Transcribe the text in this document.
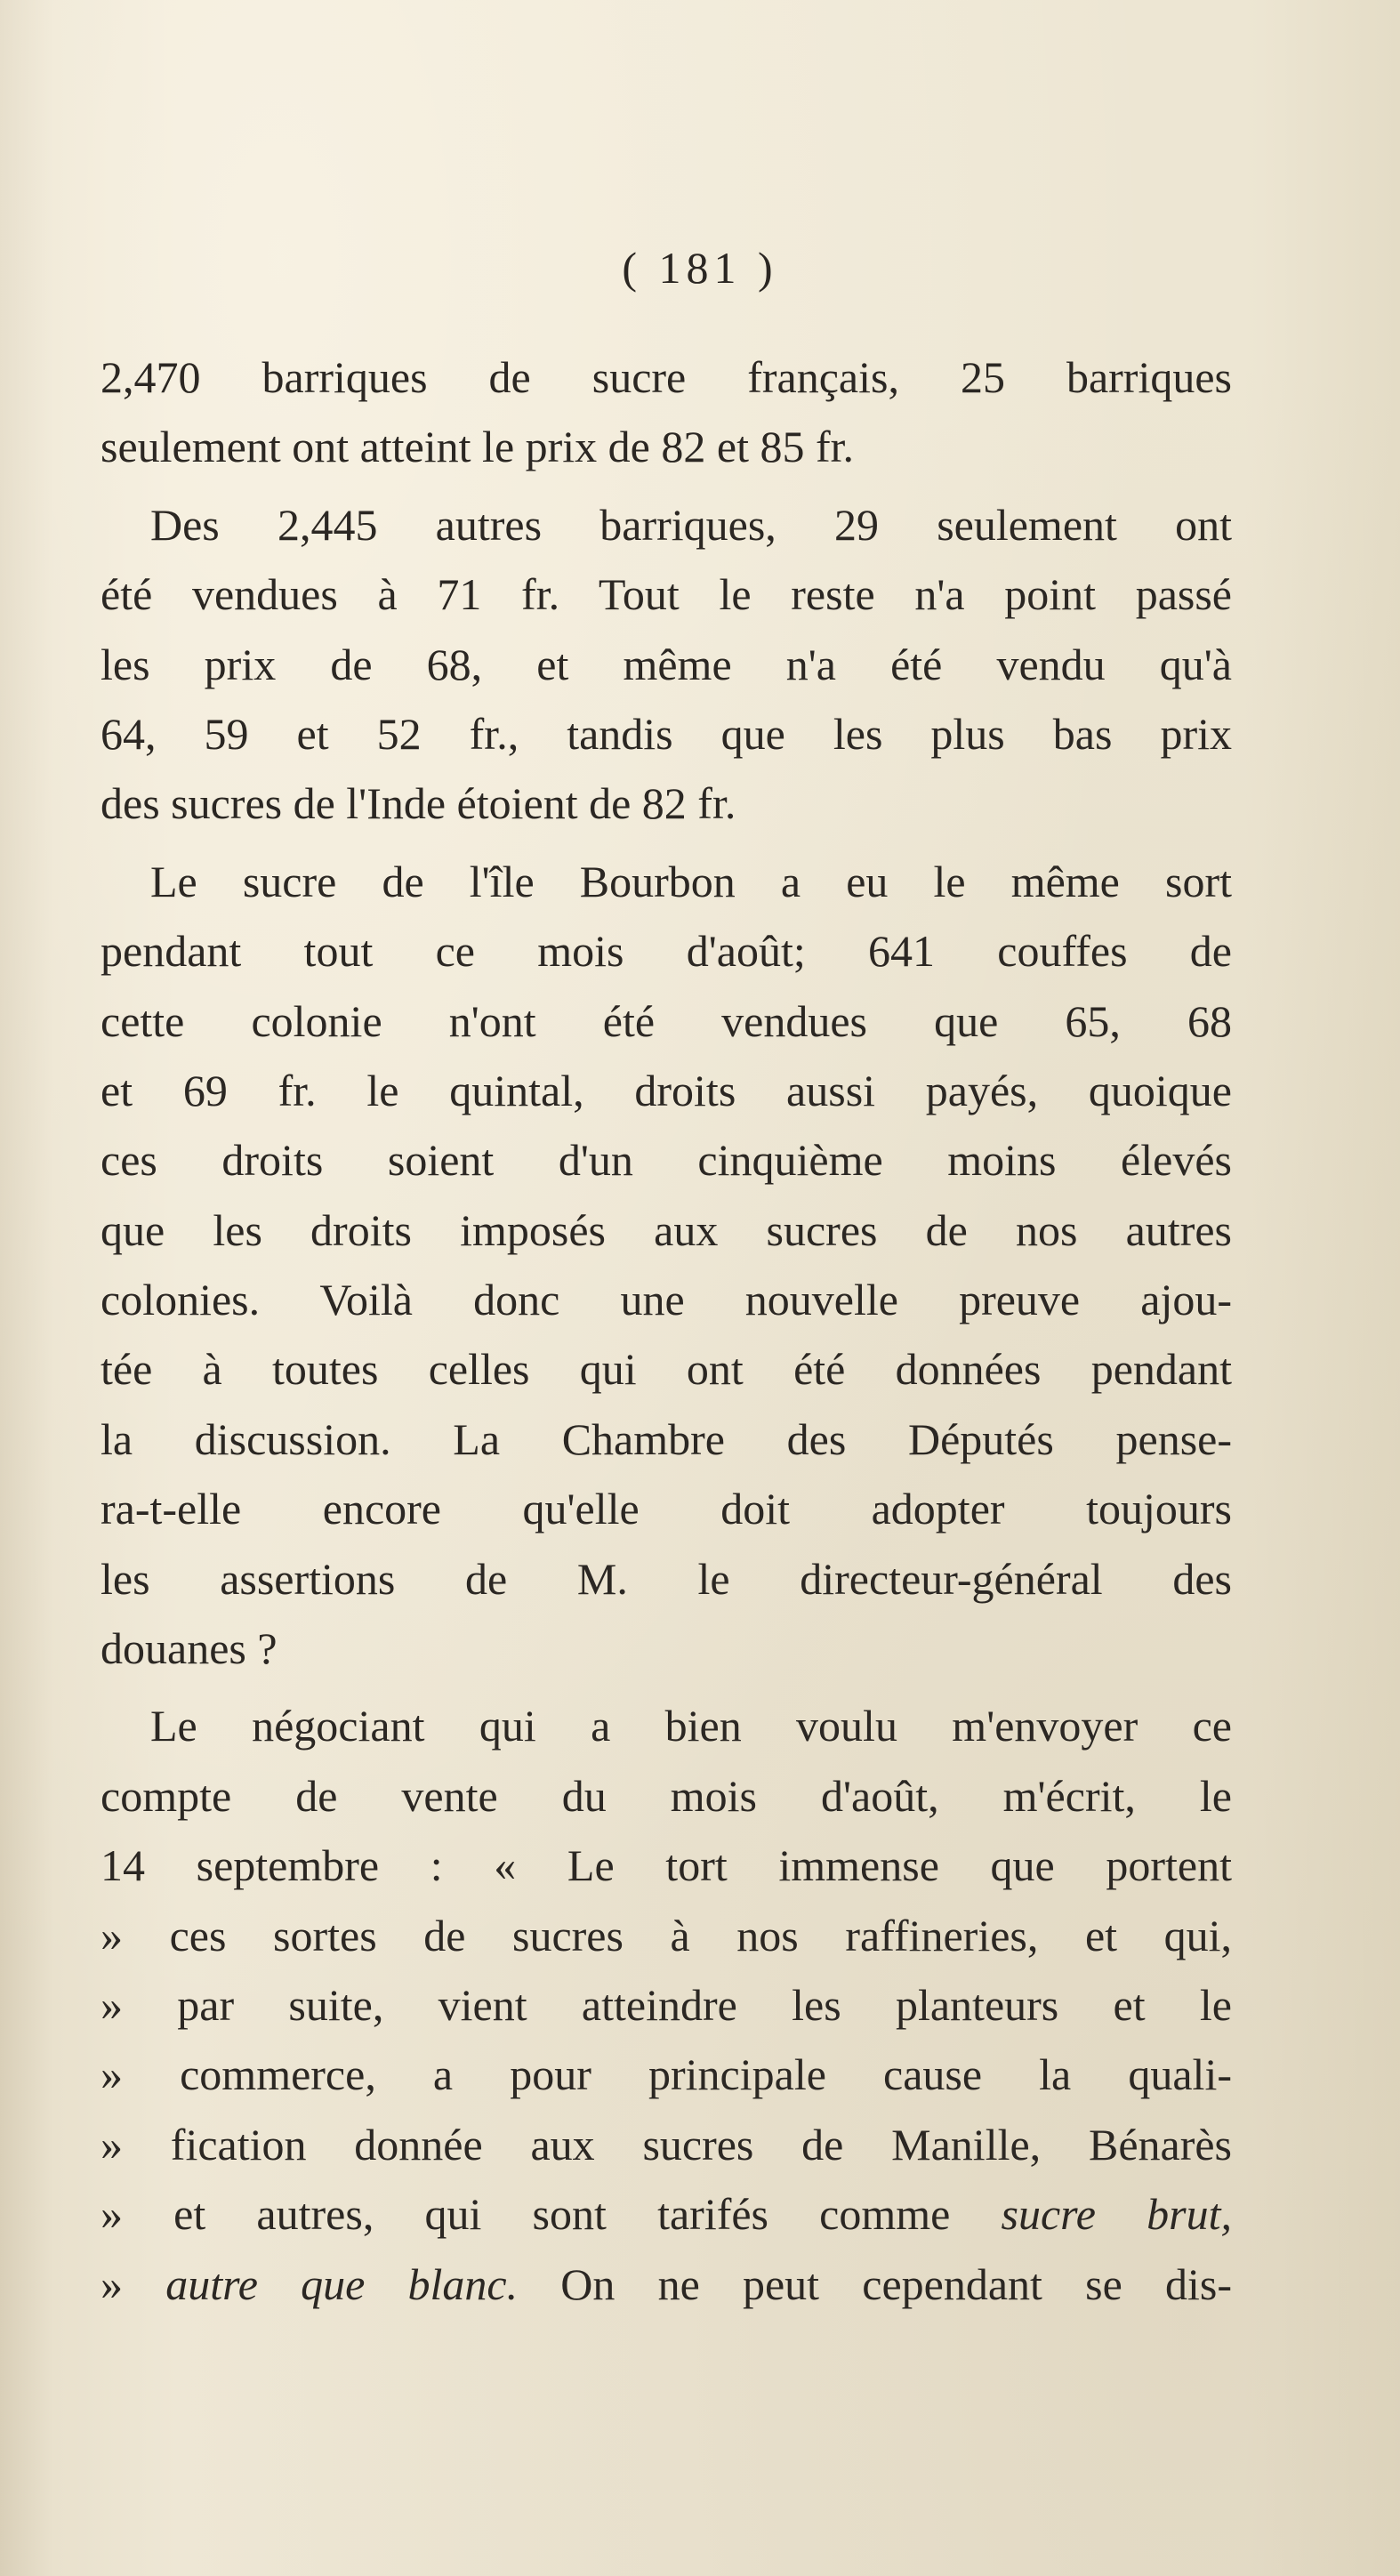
( 181 )
2,470 barriques de sucre français, 25 barriques
seulement ont atteint le prix de 82 et 85 fr.
Des 2,445 autres barriques, 29 seulement ont
été vendues à 71 fr. Tout le reste n'a point passé
les prix de 68, et même n'a été vendu qu'à
64, 59 et 52 fr., tandis que les plus bas prix
des sucres de l'Inde étoient de 82 fr.
Le sucre de l'île Bourbon a eu le même sort
pendant tout ce mois d'août; 641 couffes de
cette colonie n'ont été vendues que 65, 68
et 69 fr. le quintal, droits aussi payés, quoique
ces droits soient d'un cinquième moins élevés
que les droits imposés aux sucres de nos autres
colonies. Voilà donc une nouvelle preuve ajou-
tée à toutes celles qui ont été données pendant
la discussion. La Chambre des Députés pense-
ra-t-elle encore qu'elle doit adopter toujours
les assertions de M. le directeur-général des
douanes ?
Le négociant qui a bien voulu m'envoyer ce
compte de vente du mois d'août, m'écrit, le
14 septembre : « Le tort immense que portent
» ces sortes de sucres à nos raffineries, et qui,
» par suite, vient atteindre les planteurs et le
» commerce, a pour principale cause la quali-
» fication donnée aux sucres de Manille, Bénarès
» et autres, qui sont tarifés comme sucre brut,
» autre que blanc. On ne peut cependant se dis-
